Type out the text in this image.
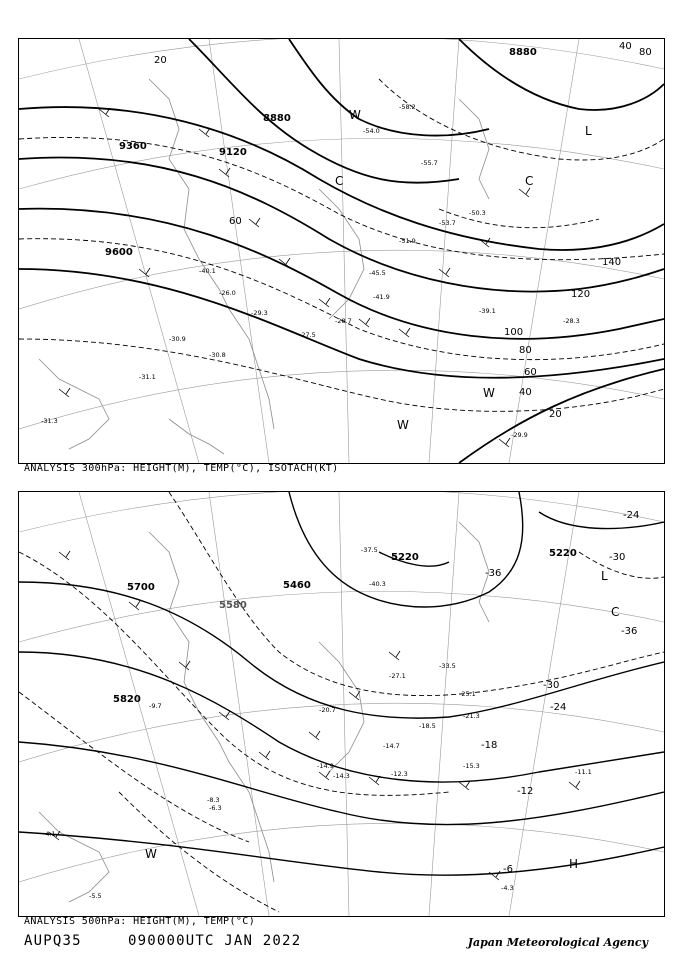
8880
9120
9360
9600
8880
20
40
60
80
100
120
140
20
40
60
80
L
C	C
W
W
W
-30.9
-30.8
-29.3
-28.7
-39.1
-41.9
-45.5
-51.9
-53.7
-54.0
-55.7
-58.2
-50.3
-40.1
-28.3
-31.1
-31.3
-29.9
-26.0
-27.5
ANALYSIS 300hPa: HEIGHT(M), TEMP(°C), ISOTACH(KT)
5700
5580
5820
5220	5220
5460
-36
-30
-24
-18
-12
-6
-24
-30
-36
L
C
H
W
-37.5
-40.3
-33.5
-27.1
-25.1
-21.3
-20.7
-18.5
-14.7
-14.9
-14.3	-12.3
-15.3
-11.1
-8.3
-6.3
-4.3
-5.5
-4.1
-9.7
ANALYSIS 500hPa: HEIGHT(M), TEMP(°C)
AUPQ35	090000UTC JAN 2022	Japan Meteorological Agency
